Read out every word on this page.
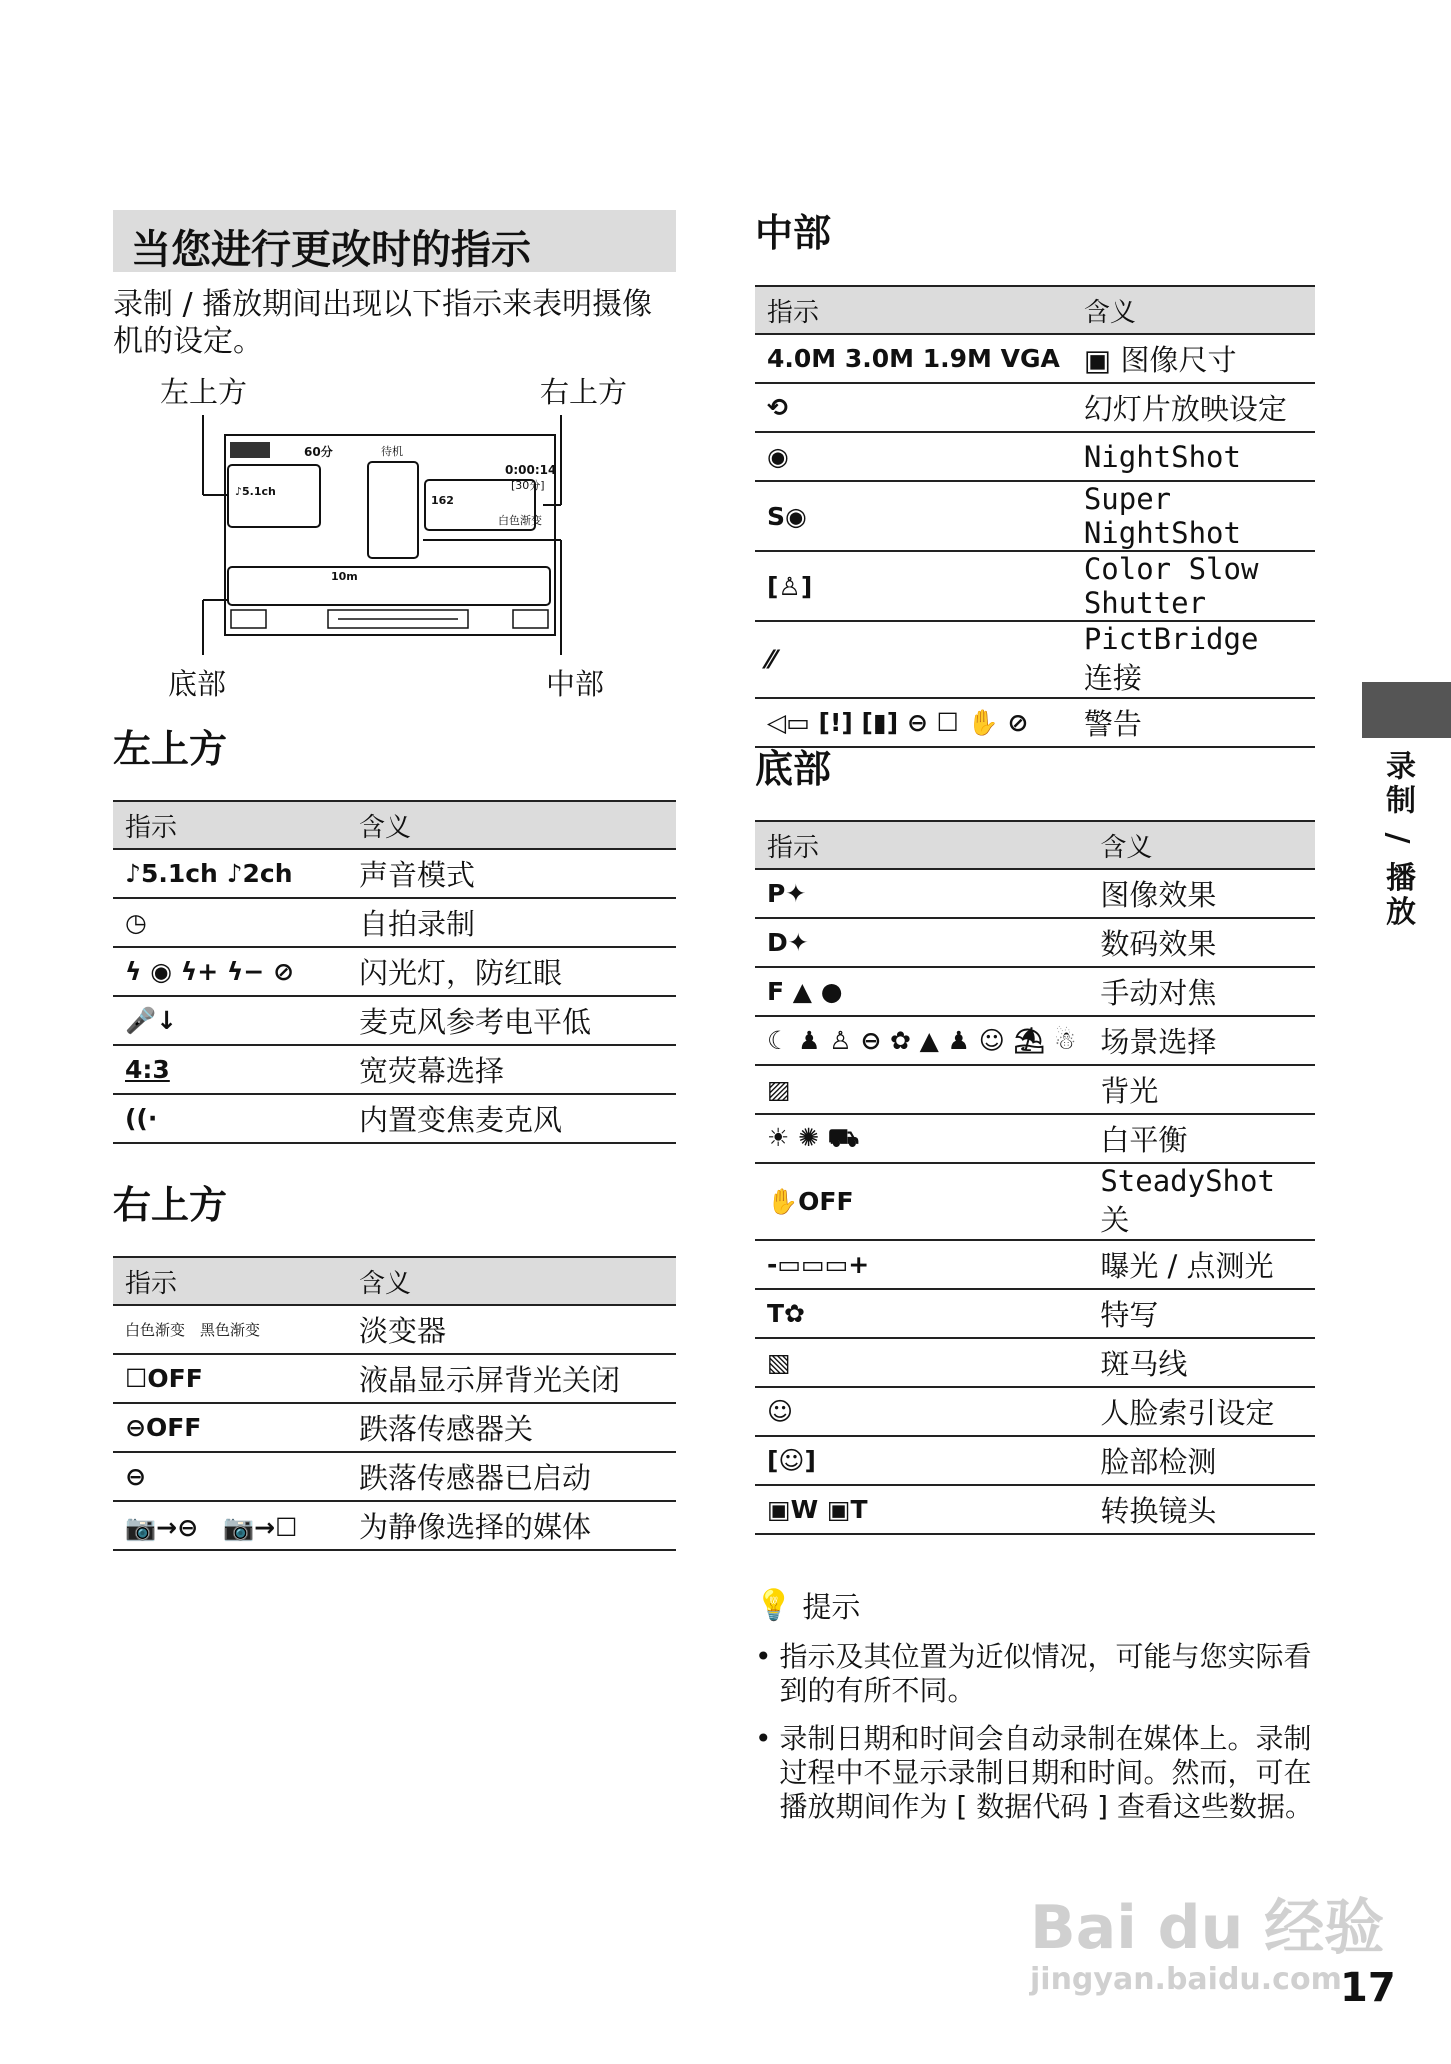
当您进行更改时的指示
录制 / 播放期间出现以下指示来表明摄像机的设定。
左上方	右上方
底部	中部
60分	待机
0:00:14
[30分]
♪5.1ch
162
白色渐变
10m
左上方
指示	含义
♪5.1ch ♪2ch	声音模式
◷	自拍录制
ϟ ◉ ϟ+ ϟ− ⊘	闪光灯，防红眼
🎤↓	麦克风参考电平低
4:3	宽荧幕选择
((·	内置变焦麦克风
右上方
指示	含义
白色渐变　黑色渐变	淡变器
☐OFF	液晶显示屏背光关闭
⊖OFF	跌落传感器关
⊖	跌落传感器已启动
📷→⊖　📷→☐	为静像选择的媒体
中部
指示	含义
4.0M 3.0M 1.9M VGA	▣ 图像尺寸
⟲	幻灯片放映设定
◉	NightShot
S◉	Super NightShot
[♙]	Color Slow Shutter
⁄⁄	PictBridge 连接
◁▭ [!] [▮] ⊖ ☐ ✋ ⊘	警告
底部
指示	含义
P✦	图像效果
D✦	数码效果
F ▲ ●	手动对焦
☾ ♟ ♙ ⊖ ✿ ▲ ♟ ☺ ⛱ ☃	场景选择
▨	背光
☀ ✺ ⛟	白平衡
✋OFF	SteadyShot 关
-▭▭▭+	曝光 / 点测光
T✿	特写
▧	斑马线
☺	人脸索引设定
[☺]	脸部检测
▣W ▣T	转换镜头
💡 提示
• 指示及其位置为近似情况，可能与您实际看到的有所不同。
• 录制日期和时间会自动录制在媒体上。录制过程中不显示录制日期和时间。然而，可在播放期间作为 [ 数据代码 ] 查看这些数据。
录制 / 播放
Bai du 经验
jingyan.baidu.com
17
